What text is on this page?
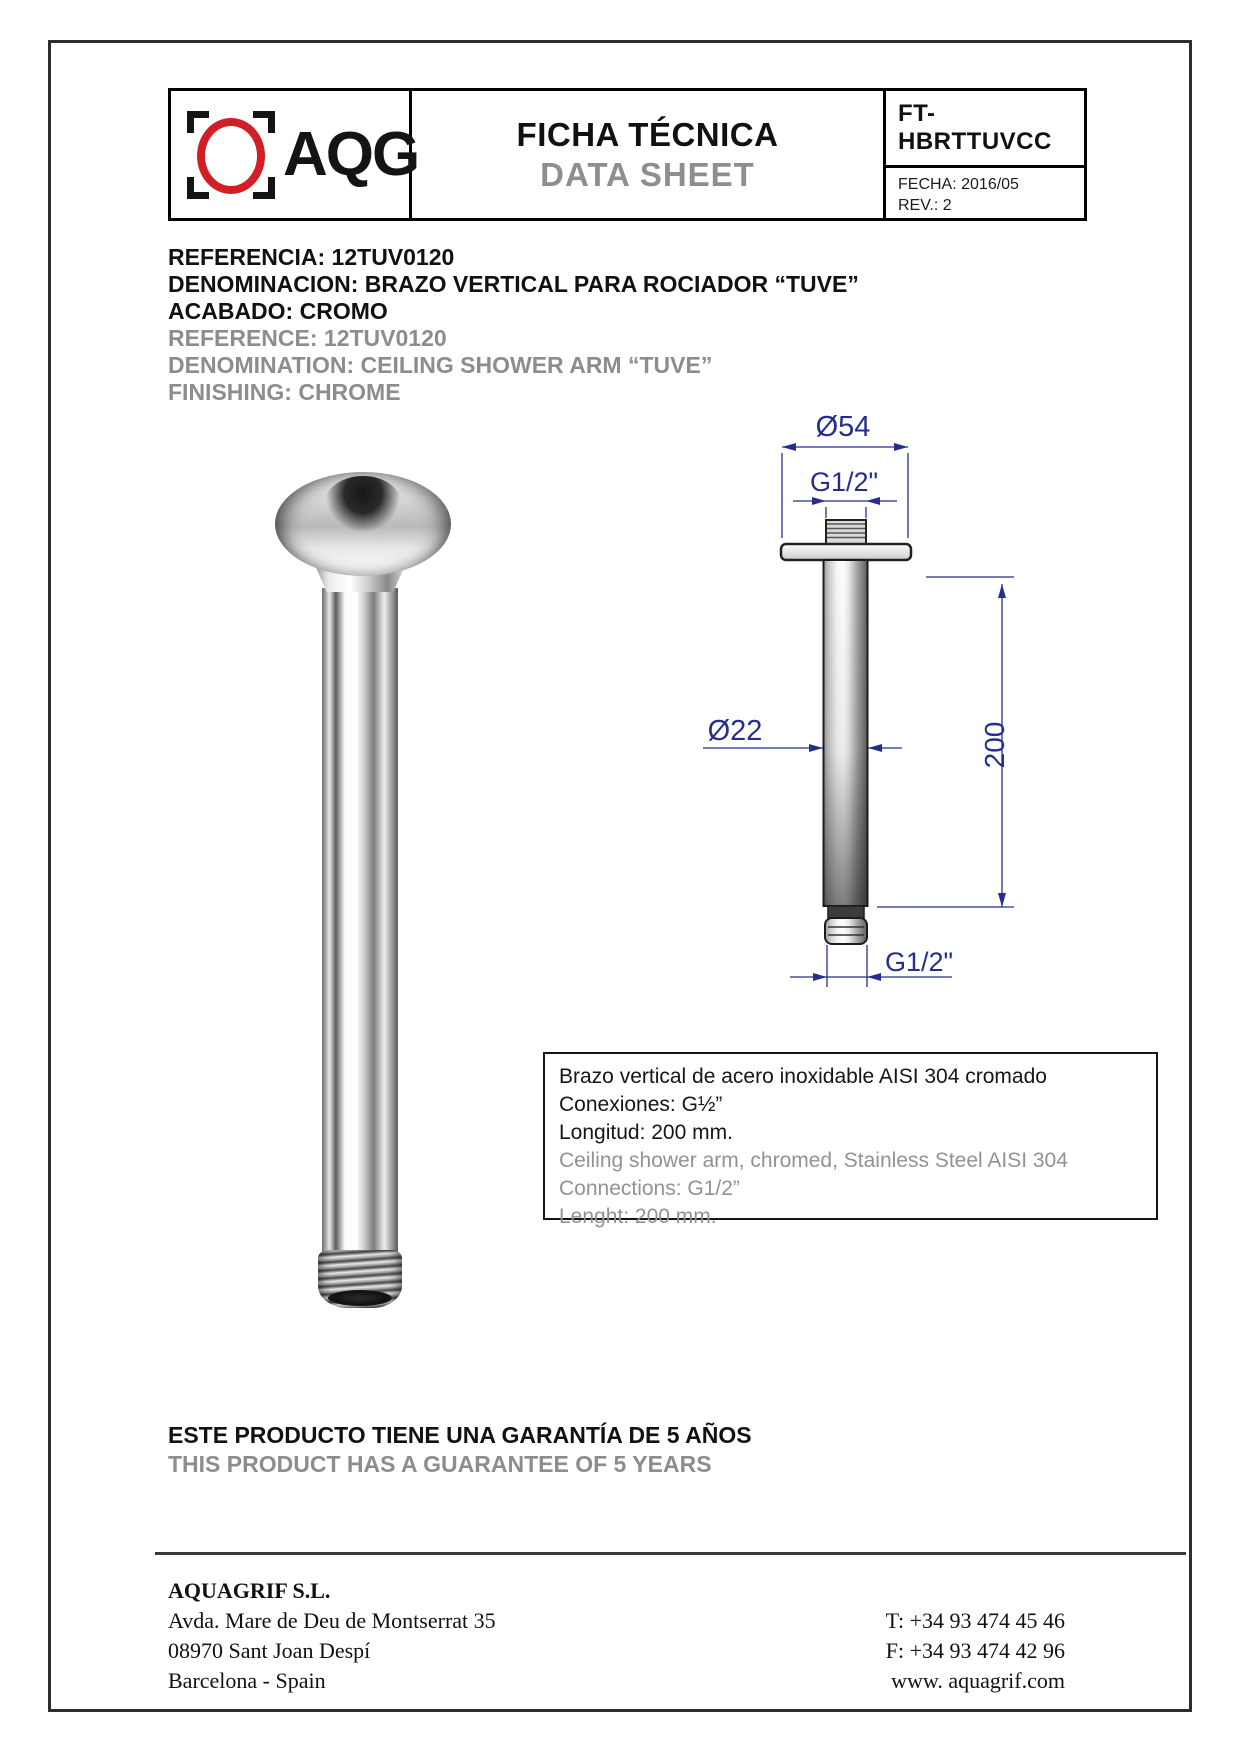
AQG	FICHA TÉCNICA
DATA SHEET
FT- HBRTTUVCC
FECHA: 2016/05
REV.: 2
REFERENCIA: 12TUV0120
DENOMINACION: BRAZO VERTICAL PARA ROCIADOR “TUVE”
ACABADO: CROMO
REFERENCE: 12TUV0120
DENOMINATION: CEILING SHOWER ARM “TUVE”
FINISHING: CHROME
Ø54
G1/2"
Ø22	200
G1/2"
Brazo vertical de acero inoxidable AISI 304 cromado
Conexiones: G½”
Longitud: 200 mm.
Ceiling shower arm, chromed, Stainless Steel AISI 304
Connections: G1/2”
Lenght: 200 mm.
ESTE PRODUCTO TIENE UNA GARANTÍA DE 5 AÑOS
THIS PRODUCT HAS A GUARANTEE OF 5 YEARS
AQUAGRIF S.L.
Avda. Mare de Deu de Montserrat 35
08970 Sant Joan Despí
Barcelona - Spain
T: +34 93 474 45 46
F: +34 93 474 42 96
www. aquagrif.com
